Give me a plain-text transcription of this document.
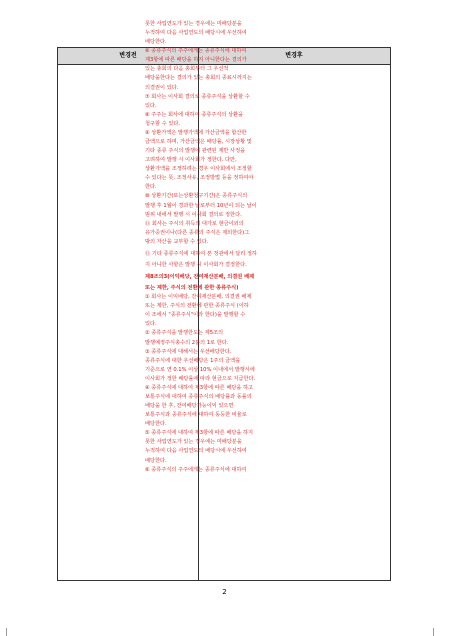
변경전	변경후
못한 사업연도가 있는 경우에는 미배당분을
누적하여 다음 사업연도의 배당시에 우선하여
배당한다.
⑥ 종류주식의 주주에게는 종류주식에 대하여
제3항에 따른 배당을 하지 아니한다는 결의가
있는 총회의 다음 총회부터 그 우선적
배당을한다는 결의가 있는 총회의 종료시까지는
의결권이 있다.
⑦ 회사는 이사회 결의로 종류주식을 상환할 수
있다.
⑧ 주주는 회사에 대하여 종류주식의 상환을
청구할 수 있다.
⑨ 상환가액은 발행가액에 가산금액을 합산한
금액으로 하며, 가산금액은 배당률, 시장상황 및
기타 종류 주식의 발행에 관련된 제반 사정을
고려하여 발행 시 이사회가 정한다. 다만,
상환가액을 조정하려는 경우 이사회에서 조정할
수 있다는 뜻, 조정사유, 조정방법 등을 정하여야
한다.
⑩ 상환기간(또는상환청구기간)은 종류주식의
발행 후 1월이 경과한 날로부터 10년이 되는 날이
범위 내에서 발행 시 이사회 결의로 정한다.
⑪ 회사는 주식의 취득의 대가로 현금이외의
유가증권이나(다른 종류의 주식은 제외한다)그
밖의 자산을 교부할 수 있다.
⑫ 기타 종류주식에 대하여 본 정관에서 달리 정하
지 아니한 사항은 발행 시 이사회가 결정한다.
제8조의3(이익배당, 잔여재산분배, 의결권 배제
또는 제한, 주식의 전환에 관한 종류주식)
① 회사는 이익배당, 잔여재산분배, 의결권 배제
또는 제한, 주식의 전환에 관한 종류주식 (이하
이 조에서 "종류주식"이라 한다)을 발행할 수
있다.
② 종류주식을 발행한도는 제5조의
발행예정주식총수의 2분의 1로 한다.
③ 종류주식에 대해서는 우선배당한다.
종류주식에 대한 우선배당은 1주의 금액을
기준으로 연 0.1% 이상 10% 이내에서 발행시에
이사회가 정한 배당률에 따라 현금으로 지급한다.
④ 종류주식에 대하여 제3항에 따른 배당을 하고
보통주식에 대하여 종류주식의 배당률과 동률의
배당을 한 후, 잔여배당가능이익 있으면
보통주식과 종류주식에 대하여 동등한 비율로
배당한다.
⑤ 종류주식에 대하여 제3항에 따른 배당을 하지
못한 사업연도가 있는 경우에는 미배당분을
누적하여 다음 사업연도의 배당시에 우선하여
배당한다.
⑥ 종류주식의 주주에게는 종류주식에 대하여
2
